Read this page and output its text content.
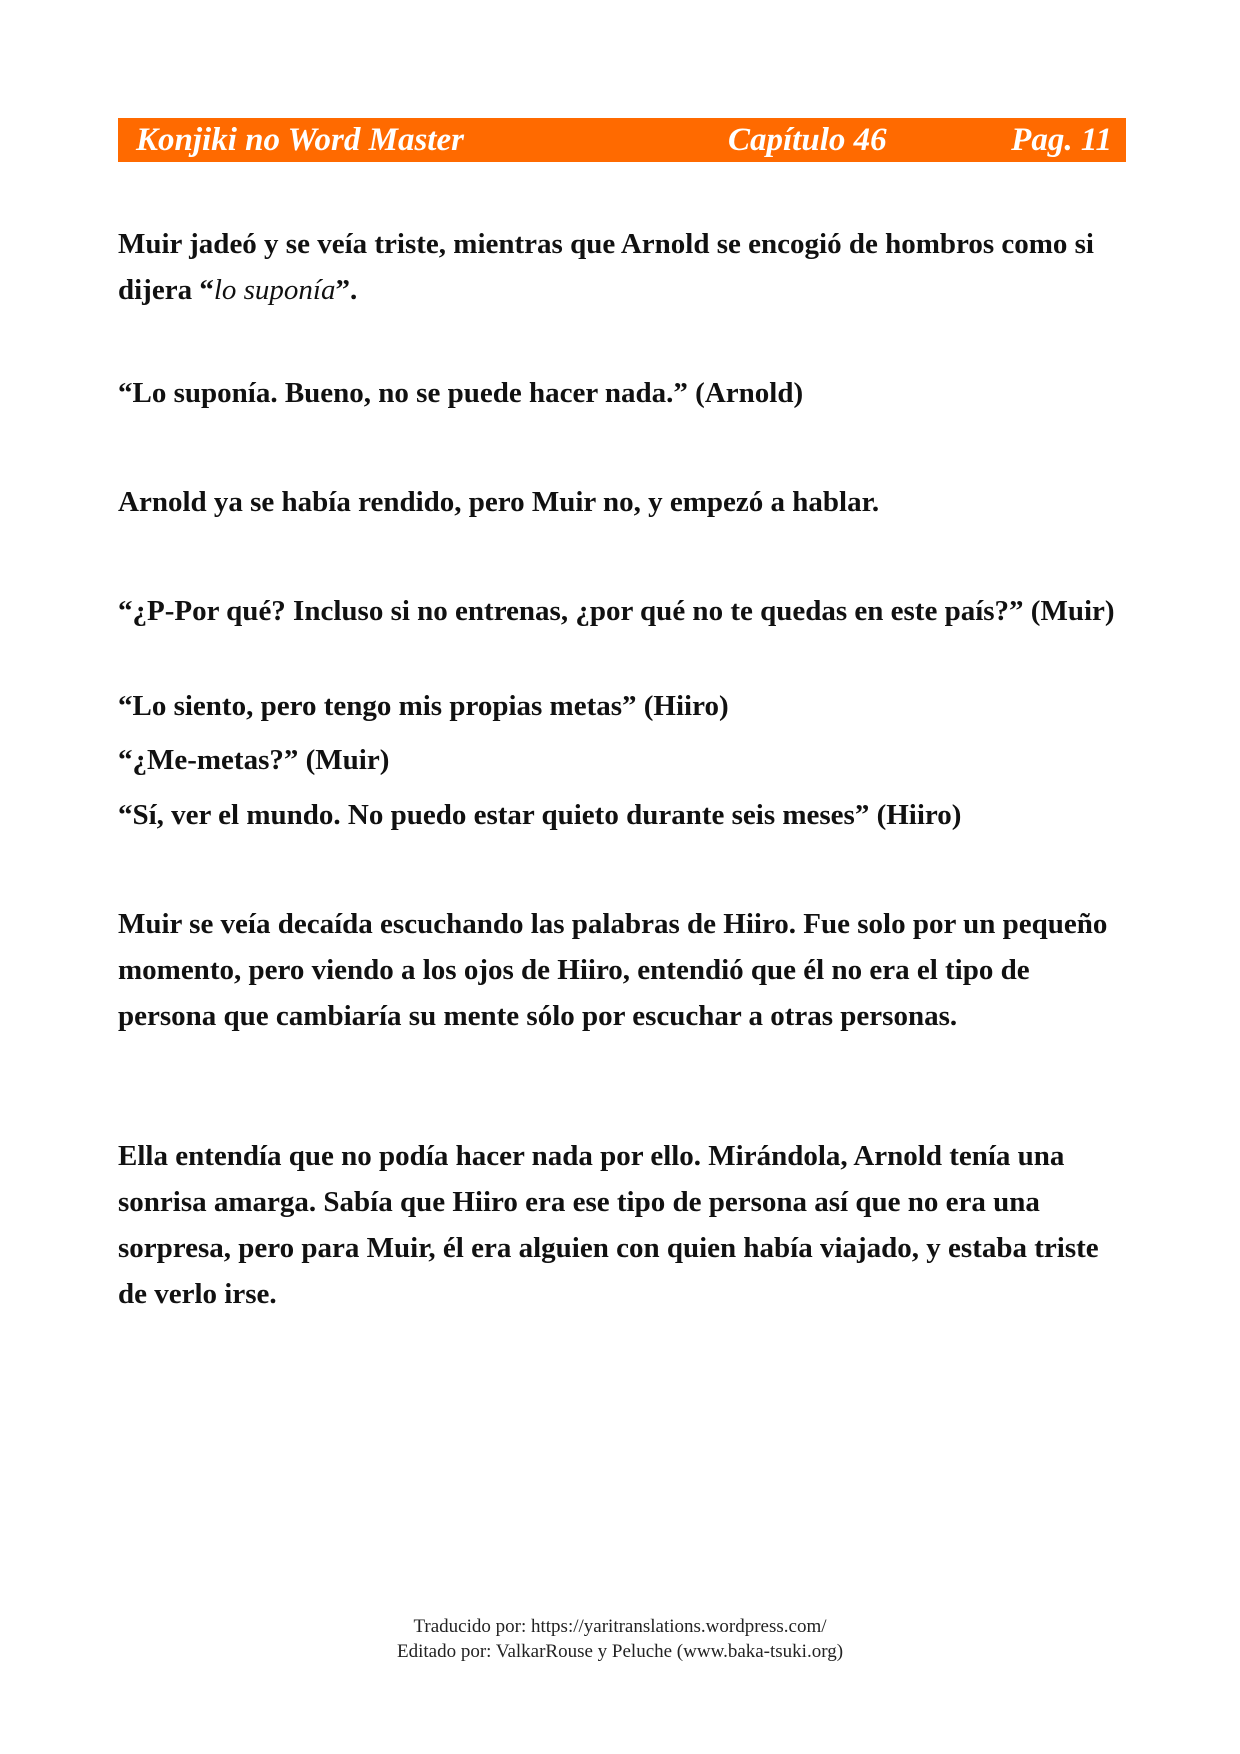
Konjiki no Word Master	Capítulo 46	Pag. 11

Muir jadeó y se veía triste, mientras que Arnold se encogió de hombros como si dijera “lo suponía”.

“Lo suponía. Bueno, no se puede hacer nada.” (Arnold)

Arnold ya se había rendido, pero Muir no, y empezó a hablar.

“¿P-Por qué? Incluso si no entrenas, ¿por qué no te quedas en este país?” (Muir)

“Lo siento, pero tengo mis propias metas” (Hiiro)

“¿Me-metas?” (Muir)

“Sí, ver el mundo. No puedo estar quieto durante seis meses” (Hiiro)

Muir se veía decaída escuchando las palabras de Hiiro. Fue solo por un pequeño momento, pero viendo a los ojos de Hiiro, entendió que él no era el tipo de persona que cambiaría su mente sólo por escuchar a otras personas.

Ella entendía que no podía hacer nada por ello. Mirándola, Arnold tenía una sonrisa amarga. Sabía que Hiiro era ese tipo de persona así que no era una sorpresa, pero para Muir, él era alguien con quien había viajado, y estaba triste de verlo irse.

Traducido por: https://yaritranslations.wordpress.com/
Editado por: ValkarRouse y Peluche (www.baka-tsuki.org)
